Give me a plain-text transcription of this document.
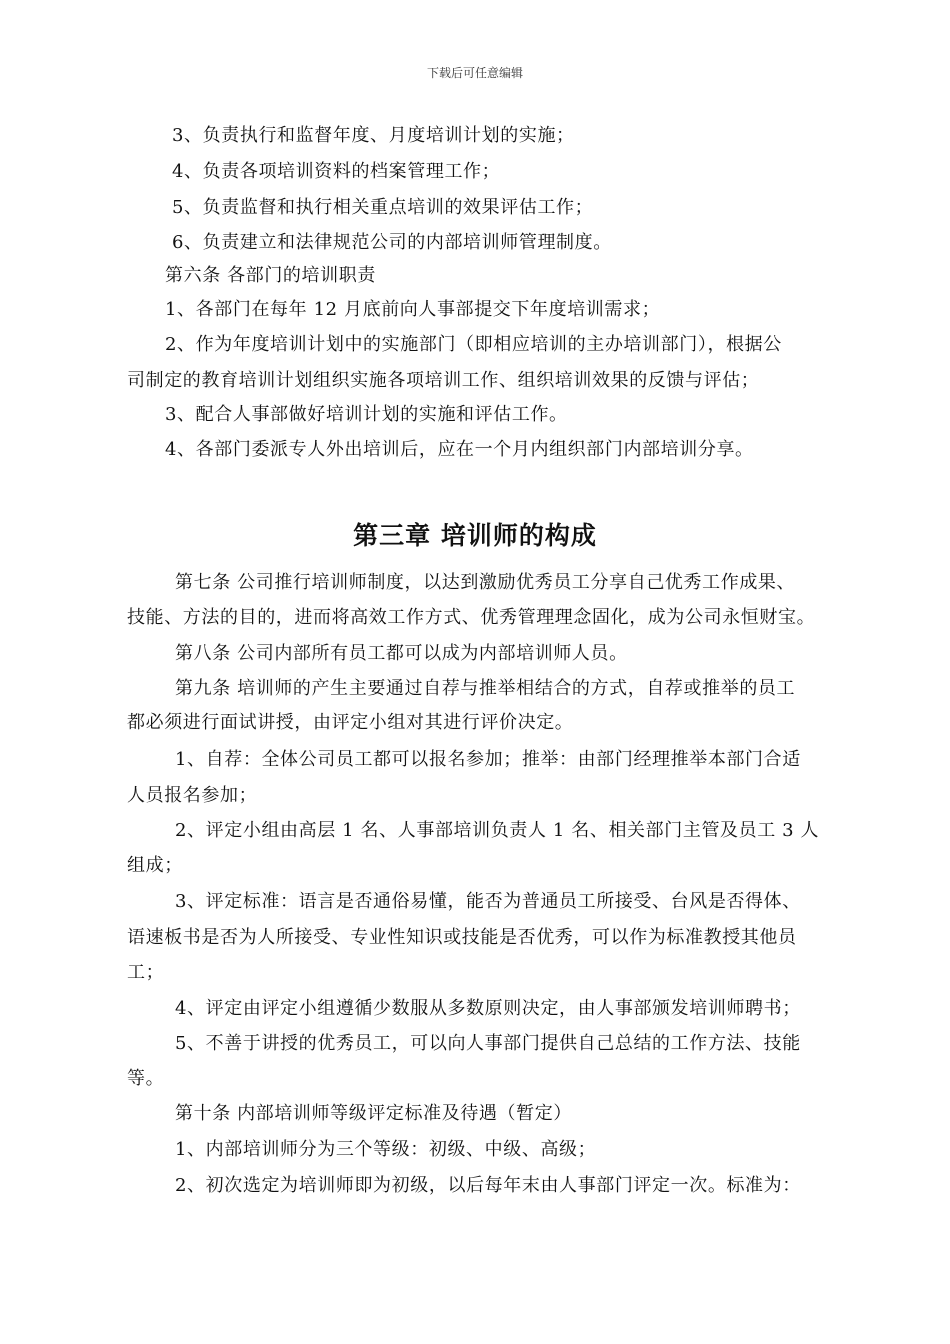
下载后可任意编辑
3、负责执行和监督年度、月度培训计划的实施；
4、负责各项培训资料的档案管理工作；
5、负责监督和执行相关重点培训的效果评估工作；
6、负责建立和法律规范公司的内部培训师管理制度。
第六条 各部门的培训职责
1、各部门在每年 12 月底前向人事部提交下年度培训需求；
2、作为年度培训计划中的实施部门（即相应培训的主办培训部门），根据公
司制定的教育培训计划组织实施各项培训工作、组织培训效果的反馈与评估；
3、配合人事部做好培训计划的实施和评估工作。
4、各部门委派专人外出培训后，应在一个月内组织部门内部培训分享。
第三章 培训师的构成
第七条 公司推行培训师制度，以达到激励优秀员工分享自己优秀工作成果、
技能、方法的目的，进而将高效工作方式、优秀管理理念固化，成为公司永恒财宝。
第八条 公司内部所有员工都可以成为内部培训师人员。
第九条 培训师的产生主要通过自荐与推举相结合的方式，自荐或推举的员工
都必须进行面试讲授，由评定小组对其进行评价决定。
1、自荐：全体公司员工都可以报名参加；推举：由部门经理推举本部门合适
人员报名参加；
2、评定小组由高层 1 名、人事部培训负责人 1 名、相关部门主管及员工 3 人
组成；
3、评定标准：语言是否通俗易懂，能否为普通员工所接受、台风是否得体、
语速板书是否为人所接受、专业性知识或技能是否优秀，可以作为标准教授其他员
工；
4、评定由评定小组遵循少数服从多数原则决定，由人事部颁发培训师聘书；
5、不善于讲授的优秀员工，可以向人事部门提供自己总结的工作方法、技能
等。
第十条 内部培训师等级评定标准及待遇（暂定）
1、内部培训师分为三个等级：初级、中级、高级；
2、初次选定为培训师即为初级，以后每年末由人事部门评定一次。标准为：
